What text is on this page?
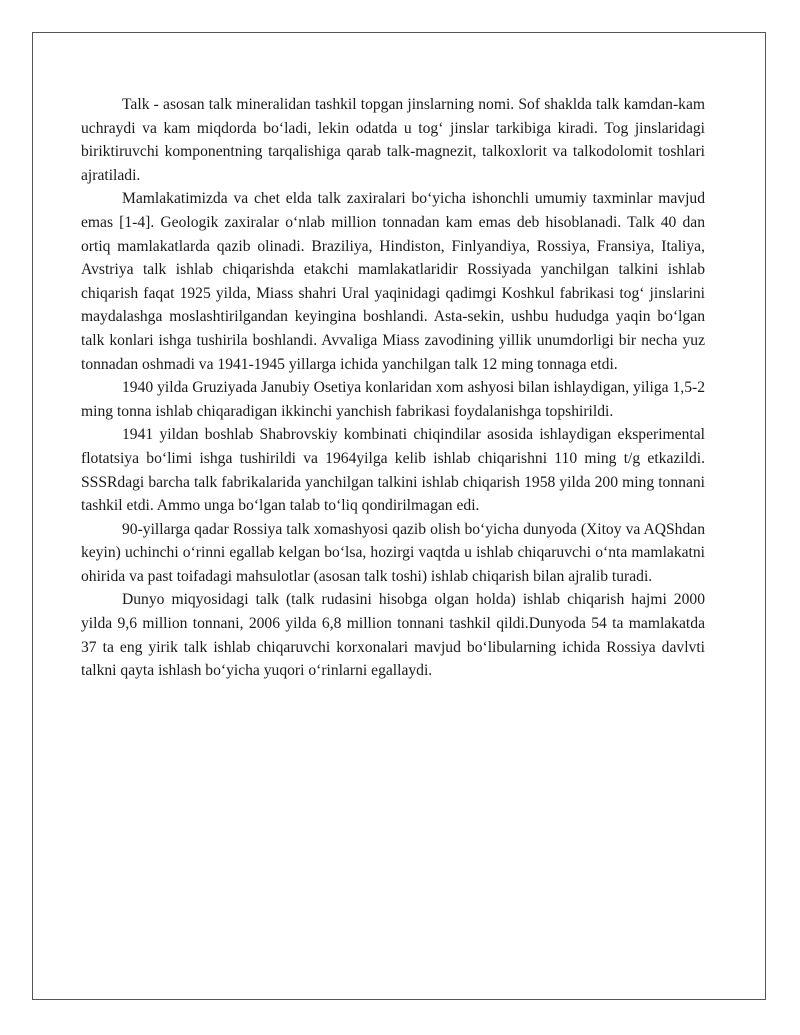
Talk - asosan talk mineralidan tashkil topgan jinslarning nomi. Sof shaklda talk kamdan-kam uchraydi va kam miqdorda boʻladi, lekin odatda u togʻ jinslar tarkibiga kiradi. Tog jinslaridagi biriktiruvchi komponentning tarqalishiga qarab talk-magnezit, talkoxlorit va talkodolomit toshlari ajratiladi.

Mamlakatimizda va chet elda talk zaxiralari boʻyicha ishonchli umumiy taxminlar mavjud emas [1-4]. Geologik zaxiralar oʻnlab million tonnadan kam emas deb hisoblanadi. Talk 40 dan ortiq mamlakatlarda qazib olinadi. Braziliya, Hindiston, Finlyandiya, Rossiya, Fransiya, Italiya, Avstriya talk ishlab chiqarishda etakchi mamlakatlaridir Rossiyada yanchilgan talkini ishlab chiqarish faqat 1925 yilda, Miass shahri Ural yaqinidagi qadimgi Koshkul fabrikasi togʻ jinslarini maydalashga moslashtirilgandan keyingina boshlandi. Asta-sekin, ushbu hududga yaqin boʻlgan talk konlari ishga tushirila boshlandi. Avvaliga Miass zavodining yillik unumdorligi bir necha yuz tonnadan oshmadi va 1941-1945 yillarga ichida yanchilgan talk 12 ming tonnaga etdi.

1940 yilda Gruziyada Janubiy Osetiya konlaridan xom ashyosi bilan ishlaydigan, yiliga 1,5-2 ming tonna ishlab chiqaradigan ikkinchi yanchish fabrikasi foydalanishga topshirildi.

1941 yildan boshlab Shabrovskiy kombinati chiqindilar asosida ishlaydigan eksperimental flotatsiya boʻlimi ishga tushirildi va 1964yilga kelib ishlab chiqarishni 110 ming t/g etkazildi. SSSRdagi barcha talk fabrikalarida yanchilgan talkini ishlab chiqarish 1958 yilda 200 ming tonnani tashkil etdi. Ammo unga boʻlgan talab toʻliq qondirilmagan edi.

90-yillarga qadar Rossiya talk xomashyosi qazib olish boʻyicha dunyoda (Xitoy va AQShdan keyin) uchinchi oʻrinni egallab kelgan boʻlsa, hozirgi vaqtda u ishlab chiqaruvchi oʻnta mamlakatni ohirida va past toifadagi mahsulotlar (asosan talk toshi) ishlab chiqarish bilan ajralib turadi.

Dunyo miqyosidagi talk (talk rudasini hisobga olgan holda) ishlab chiqarish hajmi 2000 yilda 9,6 million tonnani, 2006 yilda 6,8 million tonnani tashkil qildi.Dunyoda 54 ta mamlakatda 37 ta eng yirik talk ishlab chiqaruvchi korxonalari mavjud boʻlibularning ichida Rossiya davlvti talkni qayta ishlash boʻyicha yuqori oʻrinlarni egallaydi.
